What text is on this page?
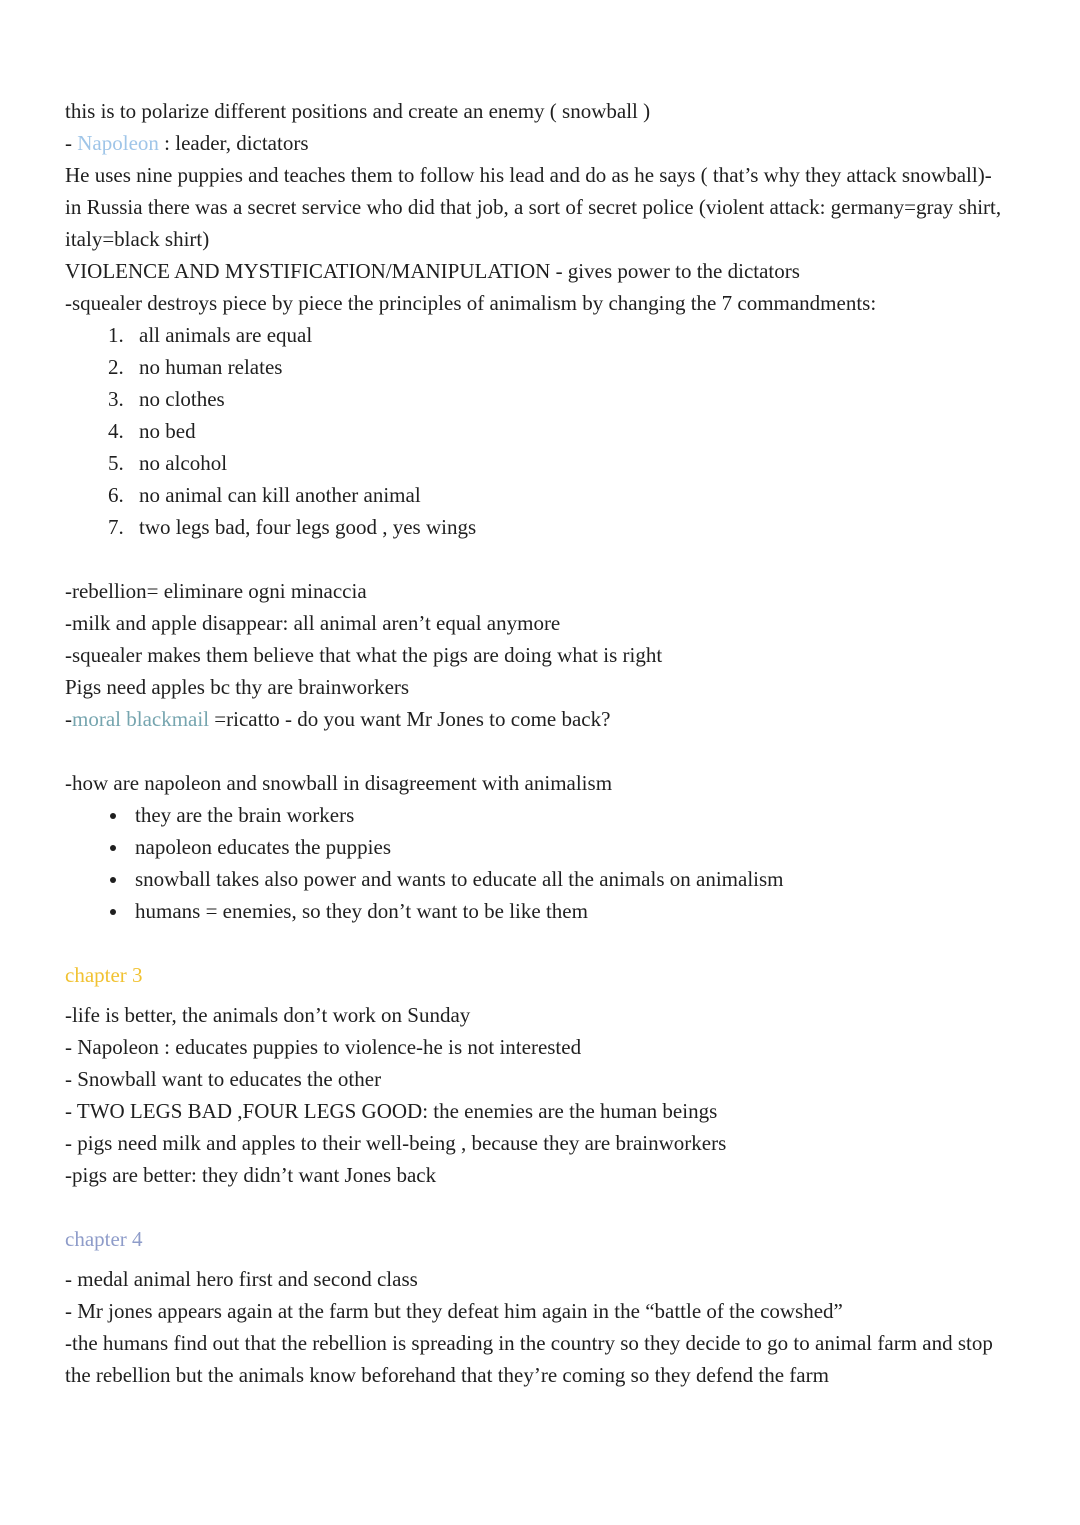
this is to polarize different positions and create an enemy ( snowball )

- Napoleon : leader, dictators

He uses nine puppies and teaches them to follow his lead and do as he says ( that’s why they attack snowball)-in Russia there was a secret service who did that job, a sort of secret police (violent attack: germany=gray shirt, italy=black shirt)

VIOLENCE AND MYSTIFICATION/MANIPULATION - gives power to the dictators

-squealer destroys piece by piece the principles of animalism by changing the 7 commandments:

1. all animals are equal
2. no human relates
3. no clothes
4. no bed
5. no alcohol
6. no animal can kill another animal
7. two legs bad, four legs good , yes wings

-rebellion= eliminare ogni minaccia

-milk and apple disappear: all animal aren’t equal anymore

-squealer makes them believe that what the pigs are doing what is right

Pigs need apples bc thy are brainworkers

-moral blackmail =ricatto - do you want Mr Jones to come back?

-how are napoleon and snowball in disagreement with animalism

• they are the brain workers
• napoleon educates the puppies
• snowball takes also power and wants to educate all the animals on animalism
• humans = enemies, so they don’t want to be like them
chapter 3

-life is better, the animals don’t work on Sunday

- Napoleon : educates puppies to violence-he is not interested

- Snowball want to educates the other

- TWO LEGS BAD ,FOUR LEGS GOOD: the enemies are the human beings

- pigs need milk and apples to their well-being , because they are brainworkers

-pigs are better: they didn’t want Jones back

chapter 4

- medal animal hero first and second class

- Mr jones appears again at the farm but they defeat him again in the “battle of the cowshed”

-the humans find out that the rebellion is spreading in the country so they decide to go to animal farm and stop the rebellion but the animals know beforehand that they’re coming so they defend the farm
